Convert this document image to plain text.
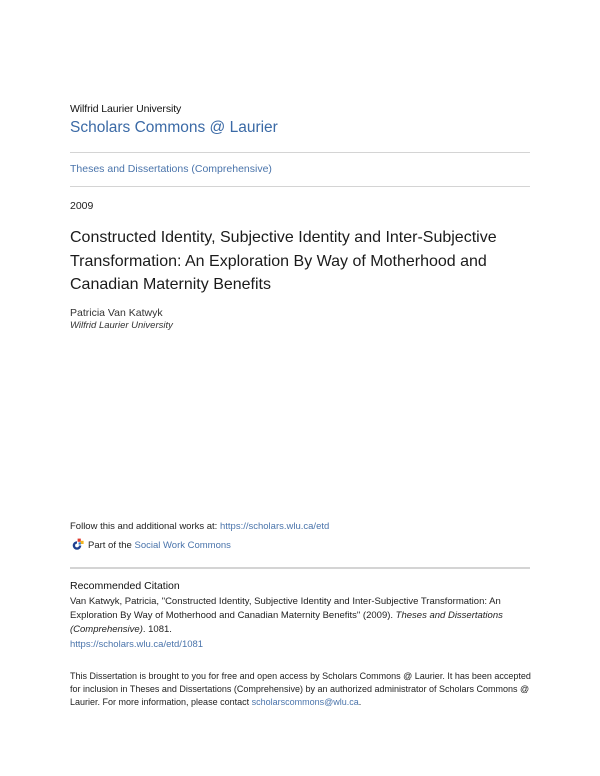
Wilfrid Laurier University
Scholars Commons @ Laurier
Theses and Dissertations (Comprehensive)
2009
Constructed Identity, Subjective Identity and Inter-Subjective Transformation: An Exploration By Way of Motherhood and Canadian Maternity Benefits
Patricia Van Katwyk
Wilfrid Laurier University
Follow this and additional works at: https://scholars.wlu.ca/etd
Part of the
Social Work Commons
Recommended Citation
Van Katwyk, Patricia, "Constructed Identity, Subjective Identity and Inter-Subjective Transformation: An Exploration By Way of Motherhood and Canadian Maternity Benefits" (2009). Theses and Dissertations (Comprehensive). 1081.
https://scholars.wlu.ca/etd/1081
This Dissertation is brought to you for free and open access by Scholars Commons @ Laurier. It has been accepted for inclusion in Theses and Dissertations (Comprehensive) by an authorized administrator of Scholars Commons @ Laurier. For more information, please contact scholarscommons@wlu.ca.
